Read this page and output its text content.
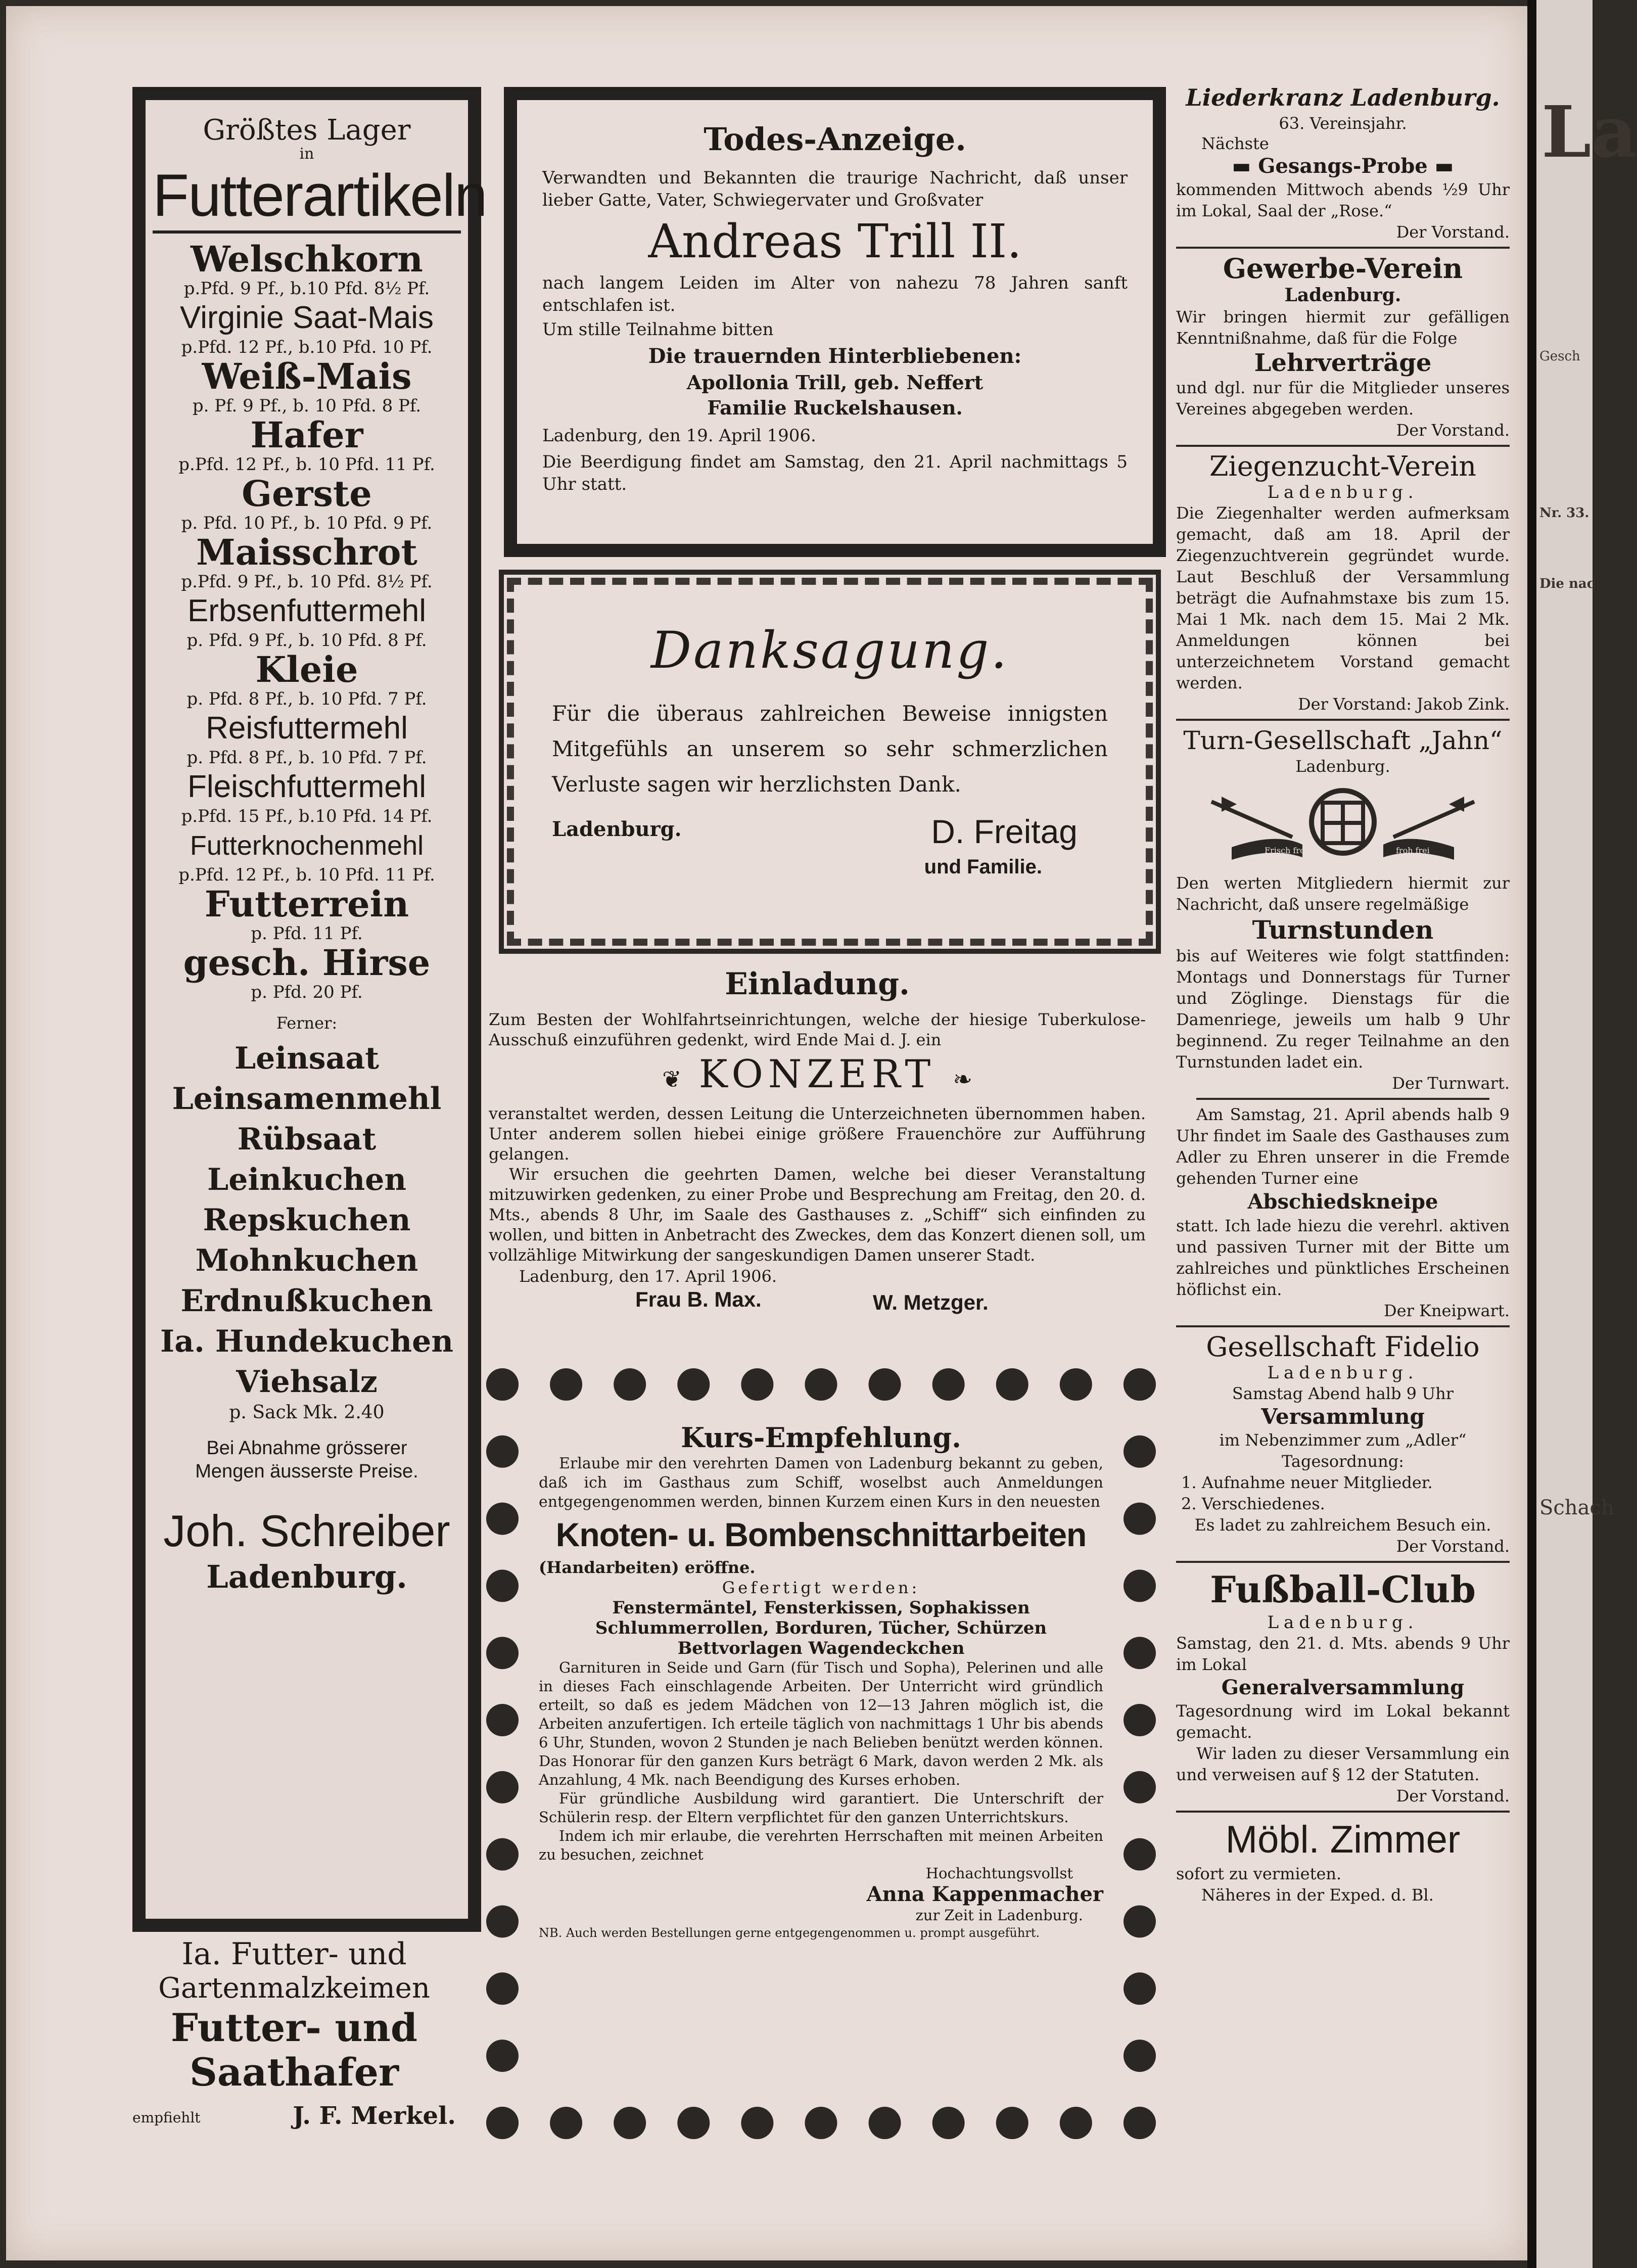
Größtes Lager
in
Futterartikeln
Welschkorn
p.Pfd. 9 Pf., b.10 Pfd. 8½ Pf.
Virginie Saat-Mais
p.Pfd. 12 Pf., b.10 Pfd. 10 Pf.
Weiß-Mais
p. Pf. 9 Pf., b. 10 Pfd. 8 Pf.
Hafer
p.Pfd. 12 Pf., b. 10 Pfd. 11 Pf.
Gerste
p. Pfd. 10 Pf., b. 10 Pfd. 9 Pf.
Maisschrot
p.Pfd. 9 Pf., b. 10 Pfd. 8½ Pf.
Erbsenfuttermehl
p. Pfd. 9 Pf., b. 10 Pfd. 8 Pf.
Kleie
p. Pfd. 8 Pf., b. 10 Pfd. 7 Pf.
Reisfuttermehl
p. Pfd. 8 Pf., b. 10 Pfd. 7 Pf.
Fleischfuttermehl
p.Pfd. 15 Pf., b.10 Pfd. 14 Pf.
Futterknochenmehl
p.Pfd. 12 Pf., b. 10 Pfd. 11 Pf.
Futterrein
p. Pfd. 11 Pf.
gesch. Hirse
p. Pfd. 20 Pf.
Ferner:
Leinsaat
Leinsamenmehl
Rübsaat
Leinkuchen
Repskuchen
Mohnkuchen
Erdnußkuchen
Ia. Hundekuchen
Viehsalz
p. Sack Mk. 2.40
Bei Abnahme grösserer
Mengen äusserste Preise.
Joh. Schreiber
Ladenburg.
Ia. Futter- und
Gartenmalzkeimen
Futter- und
Saathafer
empfiehlt	J. F. Merkel.
Todes-Anzeige.
Verwandten und Bekannten die traurige Nachricht, daß unser lieber Gatte, Vater, Schwiegervater und Großvater
Andreas Trill II.
nach langem Leiden im Alter von nahezu 78 Jahren sanft entschlafen ist.
Um stille Teilnahme bitten
Die trauernden Hinterbliebenen:
Apollonia Trill, geb. Neffert
Familie Ruckelshausen.
Ladenburg, den 19. April 1906.
Die Beerdigung findet am Samstag, den 21. April nachmittags 5 Uhr statt.
Danksagung.
Für die überaus zahlreichen Beweise innigsten Mitgefühls an unserem so sehr schmerzlichen Verluste sagen wir herzlichsten Dank.
Ladenburg.	D. Freitag
und Familie.
Einladung.
Zum Besten der Wohlfahrtseinrichtungen, welche der hiesige Tuberkulose-Ausschuß einzuführen gedenkt, wird Ende Mai d. J. ein
❦ KONZERT ❧
veranstaltet werden, dessen Leitung die Unterzeichneten übernommen haben. Unter anderem sollen hiebei einige größere Frauenchöre zur Aufführung gelangen.
Wir ersuchen die geehrten Damen, welche bei dieser Veranstaltung mitzuwirken gedenken, zu einer Probe und Besprechung am Freitag, den 20. d. Mts., abends 8 Uhr, im Saale des Gasthauses z. „Schiff“ sich einfinden zu wollen, und bitten in Anbetracht des Zweckes, dem das Konzert dienen soll, um vollzählige Mitwirkung der sangeskundigen Damen unserer Stadt.
Ladenburg, den 17. April 1906.
Frau B. Max.	W. Metzger.
Kurs-Empfehlung.
Erlaube mir den verehrten Damen von Ladenburg bekannt zu geben, daß ich im Gasthaus zum Schiff, woselbst auch Anmeldungen entgegengenommen werden, binnen Kurzem einen Kurs in den neuesten
Knoten- u. Bombenschnittarbeiten
(Handarbeiten) eröffne.
Gefertigt werden:
Fenstermäntel, Fensterkissen, Sophakissen
Schlummerrollen, Borduren, Tücher, Schürzen
Bettvorlagen Wagendeckchen
Garnituren in Seide und Garn (für Tisch und Sopha), Pelerinen und alle in dieses Fach einschlagende Arbeiten. Der Unterricht wird gründlich erteilt, so daß es jedem Mädchen von 12—13 Jahren möglich ist, die Arbeiten anzufertigen. Ich erteile täglich von nachmittags 1 Uhr bis abends 6 Uhr, Stunden, wovon 2 Stunden je nach Belieben benützt werden können. Das Honorar für den ganzen Kurs beträgt 6 Mark, davon werden 2 Mk. als Anzahlung, 4 Mk. nach Beendigung des Kurses erhoben.
Für gründliche Ausbildung wird garantiert. Die Unterschrift der Schülerin resp. der Eltern verpflichtet für den ganzen Unterrichtskurs.
Indem ich mir erlaube, die verehrten Herrschaften mit meinen Arbeiten zu besuchen, zeichnet
Hochachtungsvollst
Anna Kappenmacher
zur Zeit in Ladenburg.
NB. Auch werden Bestellungen gerne entgegengenommen u. prompt ausgeführt.
Liederkranz Ladenburg.
63. Vereinsjahr.
Nächste
▬ Gesangs-Probe ▬
kommenden Mittwoch abends ½9 Uhr im Lokal, Saal der „Rose.“
Der Vorstand.
Gewerbe-Verein
Ladenburg.
Wir bringen hiermit zur gefälligen Kenntnißnahme, daß für die Folge
Lehrverträge
und dgl. nur für die Mitglieder unseres Vereines abgegeben werden.
Der Vorstand.
Ziegenzucht-Verein
Ladenburg.
Die Ziegenhalter werden aufmerksam gemacht, daß am 18. April der Ziegenzuchtverein gegründet wurde. Laut Beschluß der Versammlung beträgt die Aufnahmstaxe bis zum 15. Mai 1 Mk. nach dem 15. Mai 2 Mk. Anmeldungen können bei unterzeichnetem Vorstand gemacht werden.
Der Vorstand: Jakob Zink.
Turn-Gesellschaft „Jahn“
Ladenburg.
Frisch fromm	froh frei
Den werten Mitgliedern hiermit zur Nachricht, daß unsere regelmäßige
Turnstunden
bis auf Weiteres wie folgt stattfinden: Montags und Donnerstags für Turner und Zöglinge. Dienstags für die Damenriege, jeweils um halb 9 Uhr beginnend. Zu reger Teilnahme an den Turnstunden ladet ein.
Der Turnwart.
Am Samstag, 21. April abends halb 9 Uhr findet im Saale des Gasthauses zum Adler zu Ehren unserer in die Fremde gehenden Turner eine
Abschiedskneipe
statt. Ich lade hiezu die verehrl. aktiven und passiven Turner mit der Bitte um zahlreiches und pünktliches Erscheinen höflichst ein.
Der Kneipwart.
Gesellschaft Fidelio
Ladenburg.
Samstag Abend halb 9 Uhr
Versammlung
im Nebenzimmer zum „Adler“
Tagesordnung:
1. Aufnahme neuer Mitglieder.
2. Verschiedenes.
Es ladet zu zahlreichem Besuch ein.
Der Vorstand.
Fußball-Club
Ladenburg.
Samstag, den 21. d. Mts. abends 9 Uhr im Lokal
Generalversammlung
Tagesordnung wird im Lokal bekannt gemacht.
Wir laden zu dieser Versammlung ein und verweisen auf § 12 der Statuten.
Der Vorstand.
Möbl. Zimmer
sofort zu vermieten.
Näheres in der Exped. d. Bl.
La
Gesch
Nr. 33.
Die nac
Schach
